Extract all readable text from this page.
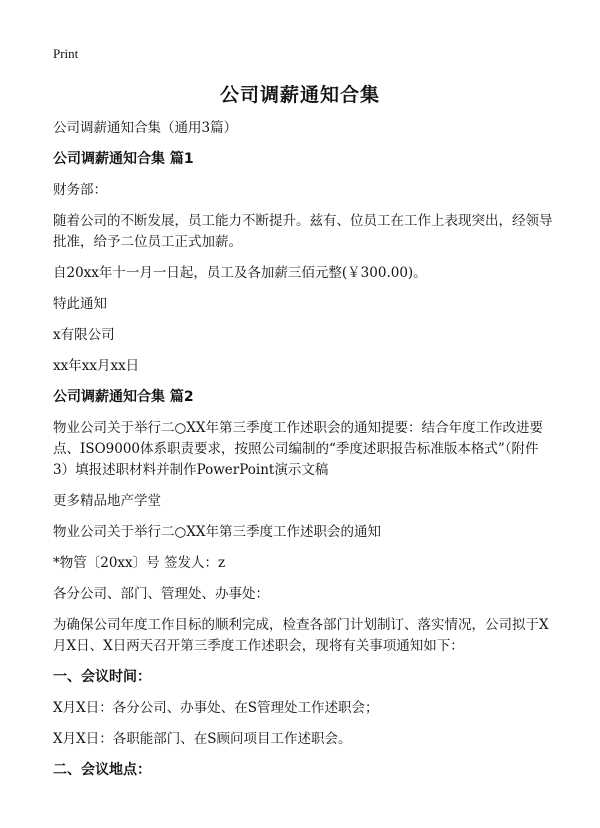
Print
公司调薪通知合集
公司调薪通知合集（通用3篇）
公司调薪通知合集 篇1
财务部：
随着公司的不断发展，员工能力不断提升。兹有、位员工在工作上表现突出，经领导批准，给予二位员工正式加薪。
自20xx年十一月一日起，员工及各加薪三佰元整(￥300.00)。
特此通知
x有限公司
xx年xx月xx日
公司调薪通知合集 篇2
物业公司关于举行二○XX年第三季度工作述职会的通知提要：结合年度工作改进要点、ISO9000体系职责要求，按照公司编制的“季度述职报告标准版本格式”（附件3）填报述职材料并制作PowerPoint演示文稿
更多精品地产学堂
物业公司关于举行二○XX年第三季度工作述职会的通知
*物管〔20xx〕号 签发人：z
各分公司、部门、管理处、办事处：
为确保公司年度工作目标的顺利完成，检查各部门计划制订、落实情况，公司拟于X月X日、X日两天召开第三季度工作述职会，现将有关事项通知如下：
一、会议时间：
X月X日：各分公司、办事处、在S管理处工作述职会；
X月X日：各职能部门、在S顾问项目工作述职会。
二、会议地点：
